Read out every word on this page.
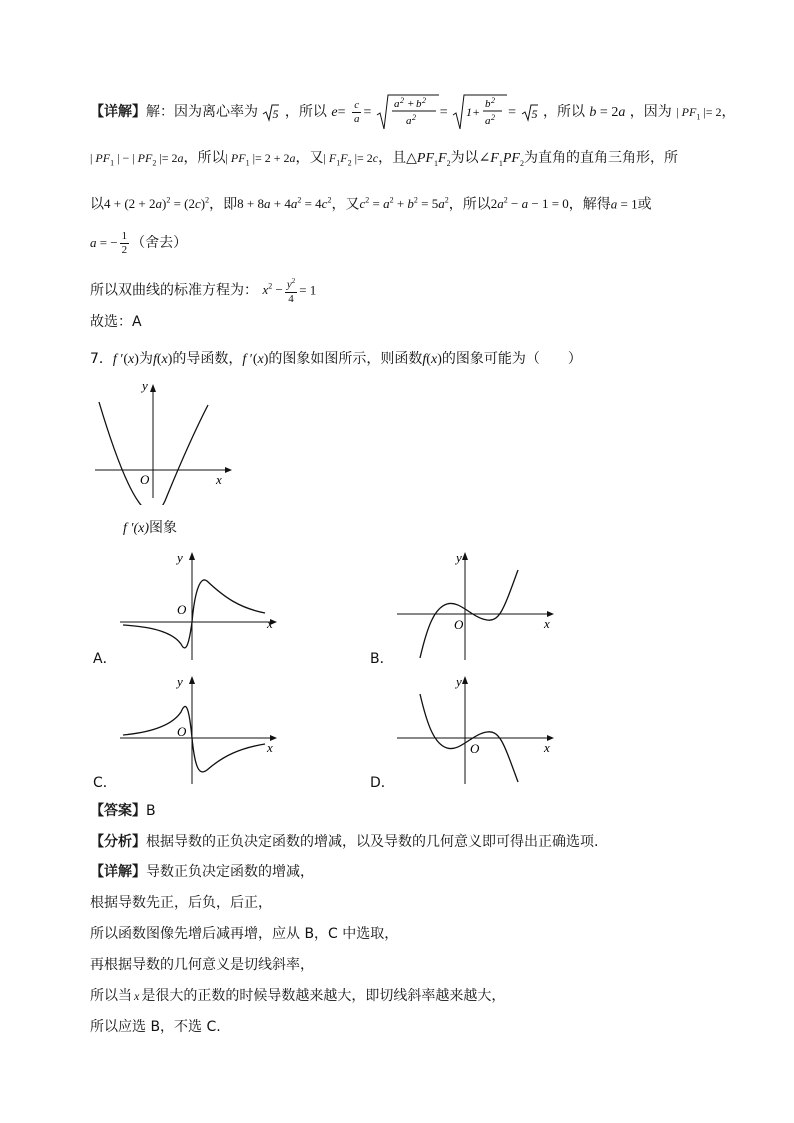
【详解】解：因为离心率为 5 ，所以 $e= \frac{c}{a}$ =
a 2 + b 2
a 2 = 1+
b 2
a 2 = 5 ，所以 b = 2a ，因为 | $PF_1$ |= 2，
| $PF_1$ | − | $PF_2$ |= 2a，所以| $PF_1$ |= 2 + 2a，又| $F_1F_2$ |= 2c，且$\triangle PF_1F_2$为以$\angle F_1PF_2$为直角的直角三角形，所
以$4 + (2 + 2a)^2 = (2c)^2$，即$8 + 8a + 4a^2 = 4c^2$，又$c^2 = a^2 + b^2 = 5a^2$，所以$2a^2 - a - 1 = 0$，解得a = 1或
a = − $\frac{1}{2}$ （舍去）
所以双曲线的标准方程为： $x^2 - \frac{y^2}{4} = 1$
故选：A
7．f ′(x)为f(x)的导函数，f ′(x)的图象如图所示，则函数f(x)的图象可能为（　　）
y
O	x
f ′(x)图象
y
O
x
A．
y
O	x
B．
y
O
x
C．
y
O	x
D．
【答案】B
【分析】根据导数的正负决定函数的增减，以及导数的几何意义即可得出正确选项.
【详解】导数正负决定函数的增减，
根据导数先正，后负，后正，
所以函数图像先增后减再增，应从 B，C 中选取，
再根据导数的几何意义是切线斜率，
所以当 x 是很大的正数的时候导数越来越大，即切线斜率越来越大，
所以应选 B，不选 C.
